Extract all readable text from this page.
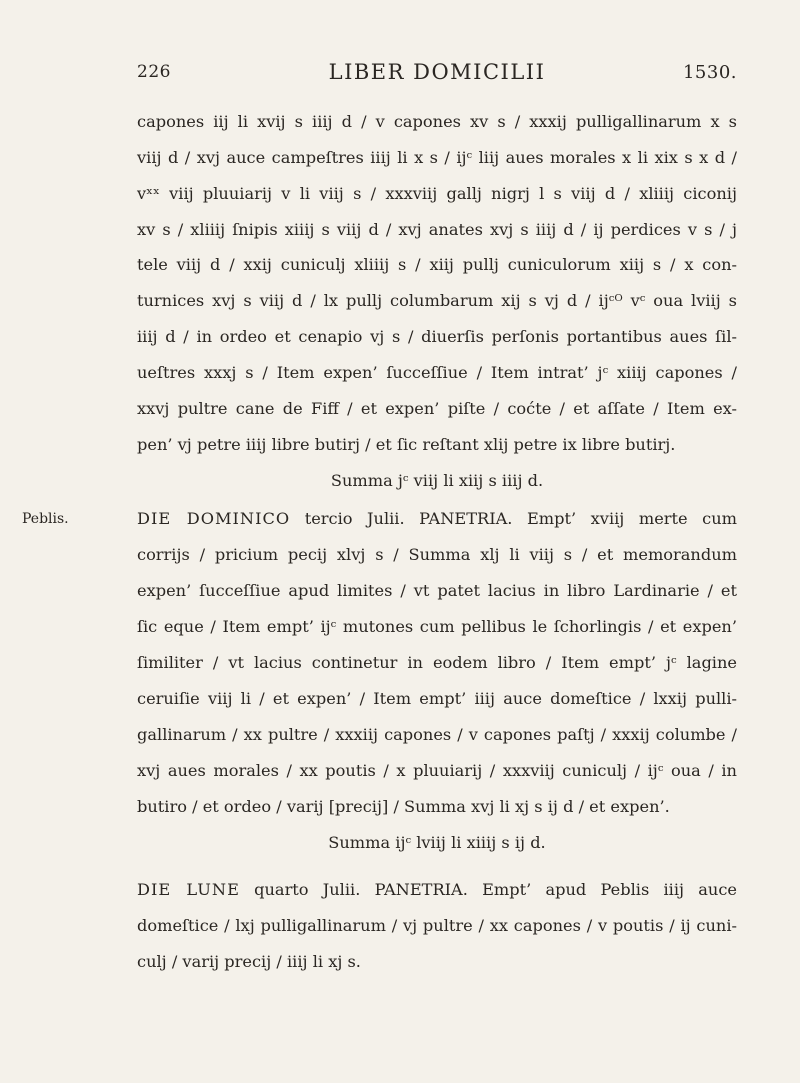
226	LIBER DOMICILII	1530.
capones iij li xvij s iiij d / v capones xv s / xxxij pulligallinarum x s
viij d / xvj auce campeſtres iiij li x s / ijᶜ liij aues morales x li xix s x d /
vˣˣ viij pluuiarij v li viij s / xxxviij gallj nigrj l s viij d / xliiij ciconij
xv s / xliiij ſnipis xiiij s viij d / xvj anates xvj s iiij d / ij perdices v s / j
tele viij d / xxij cuniculj xliiij s / xiij pullj cuniculorum xiij s / x con-
turnices xvj s viij d / lx pullj columbarum xij s vj d / ijᶜᴼ vᶜ oua lviij s
iiij d / in ordeo et cenapio vj s / diuerſis perſonis portantibus aues ſil-
ueſtres xxxj s / Item expen’ ſucceſſiue / Item intrat’ jᶜ xiiij capones /
xxvj pultre cane de Fiff / et expen’ piſte / coćte / et aſſate / Item ex-
pen’ vj petre iiij libre butirj / et ſic reſtant xlij petre ix libre butirj.
Summa jᶜ viij li xiij s iiij d.
Peblis.	DIE DOMINICO tercio Julii. PANETRIA. Empt’ xviij merte cum
corrijs / pricium pecij xlvj s / Summa xlj li viij s / et memorandum
expen’ ſucceſſiue apud limites / vt patet lacius in libro Lardinarie / et
ſic eque / Item empt’ ijᶜ mutones cum pellibus le ſchorlingis / et expen’
ſimiliter / vt lacius continetur in eodem libro / Item empt’ jᶜ lagine
ceruiſie viij li / et expen’ / Item empt’ iiij auce domeſtice / lxxij pulli-
gallinarum / xx pultre / xxxiij capones / v capones paſtj / xxxij columbe /
xvj aues morales / xx poutis / x pluuiarij / xxxviij cuniculj / ijᶜ oua / in
butiro / et ordeo / varij [precij] / Summa xvj li xj s ij d / et expen’.
Summa ijᶜ lviij li xiiij s ij d.
DIE LUNE quarto Julii. PANETRIA. Empt’ apud Peblis iiij auce
domeſtice / lxj pulligallinarum / vj pultre / xx capones / v poutis / ij cuni-
culj / varij precij / iiij li xj s.
